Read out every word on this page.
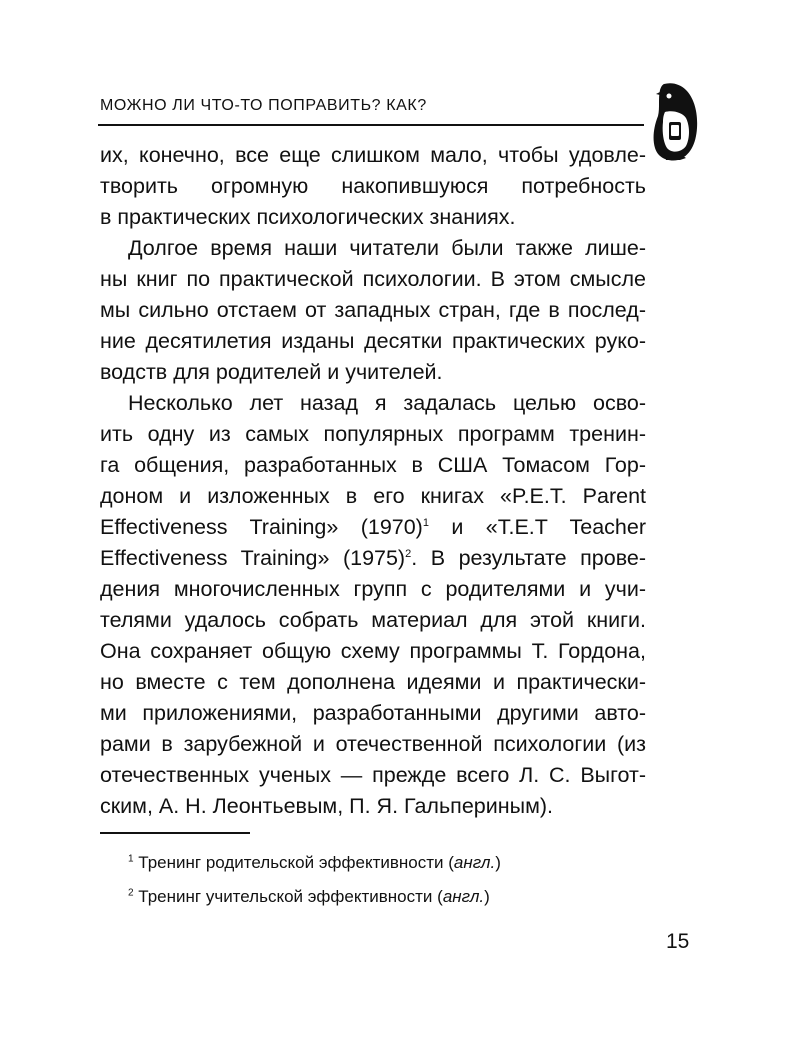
МОЖНО ЛИ ЧТО-ТО ПОПРАВИТЬ? КАК?
их, конечно, все еще слишком мало, чтобы удовле-
творить огромную накопившуюся потребность
в практических психологических знаниях.
Долгое время наши читатели были также лише-
ны книг по практической психологии. В этом смысле
мы сильно отстаем от западных стран, где в послед‑
ние десятилетия изданы десятки практических руко-
водств для родителей и учителей.
Несколько лет назад я задалась целью осво-
ить одну из самых популярных программ тренин-
га общения, разработанных в США Томасом Гор-
доном и изложенных в его книгах «P.E.T. Parent
Effectiveness Training» $(1970)^1$ и «T.E.T Teacher
Effectiveness Training» $(1975)^2$. В результате прове-
дения многочисленных групп с родителями и учи-
телями удалось собрать материал для этой книги.
Она сохраняет общую схему программы Т. Гордона,
но вместе с тем дополнена идеями и практически-
ми приложениями, разработанными другими авто-
рами в зарубежной и отечественной психологии (из
отечественных ученых — прежде всего Л. С. Выгот-
ским, А. Н. Леонтьевым, П. Я. Гальпериным).
$^1$ Тренинг родительской эффективности (англ.)
$^2$ Тренинг учительской эффективности (англ.)
15
